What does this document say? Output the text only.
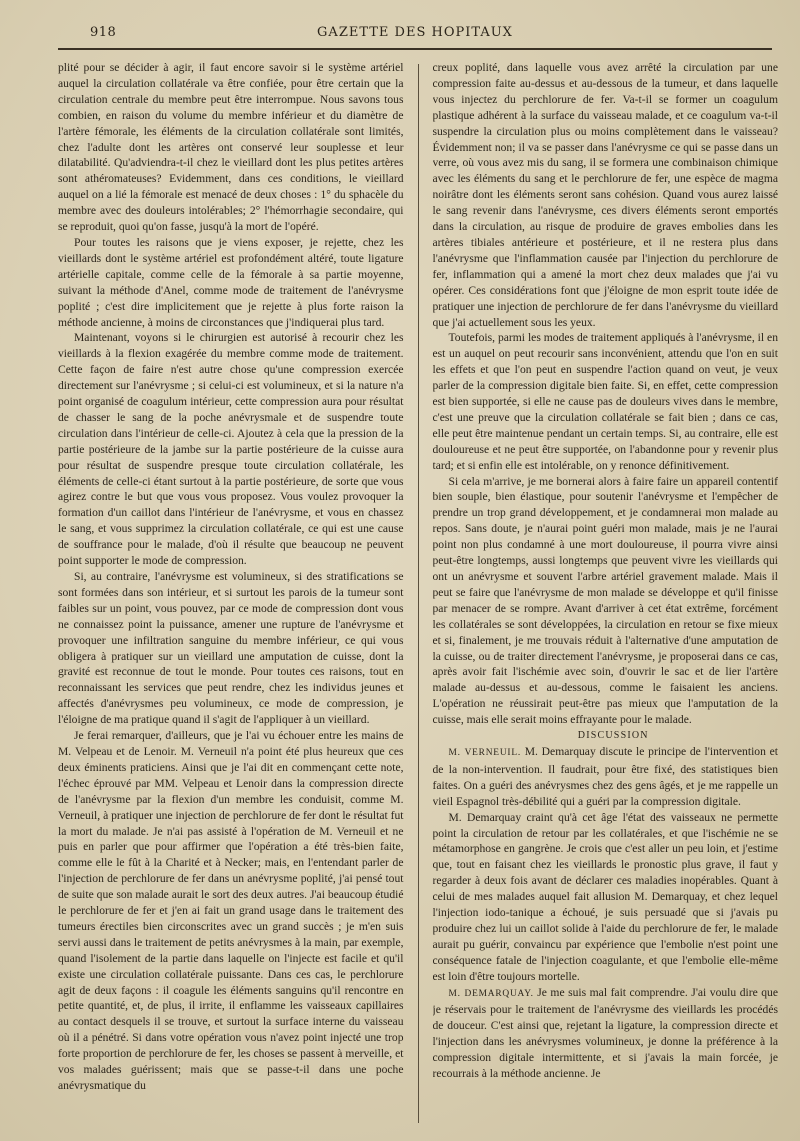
918	GAZETTE DES HOPITAUX

plité pour se décider à agir, il faut encore savoir si le système artériel auquel la circulation collatérale va être confiée, pour être certain que la circulation centrale du membre peut être interrompue. Nous savons tous combien, en raison du volume du membre inférieur et du diamètre de l'artère fémorale, les éléments de la circulation collatérale sont limités, chez l'adulte dont les artères ont conservé leur souplesse et leur dilatabilité. Qu'adviendra-t-il chez le vieillard dont les plus petites artères sont athéromateuses? Evidemment, dans ces conditions, le vieillard auquel on a lié la fémorale est menacé de deux choses : 1° du sphacèle du membre avec des douleurs intolérables; 2° l'hémorrhagie secondaire, qui se reproduit, quoi qu'on fasse, jusqu'à la mort de l'opéré.

Pour toutes les raisons que je viens exposer, je rejette, chez les vieillards dont le système artériel est profondément altéré, toute ligature artérielle capitale, comme celle de la fémorale à sa partie moyenne, suivant la méthode d'Anel, comme mode de traitement de l'anévrysme poplité ; c'est dire implicitement que je rejette à plus forte raison la méthode ancienne, à moins de circonstances que j'indiquerai plus tard.

Maintenant, voyons si le chirurgien est autorisé à recourir chez les vieillards à la flexion exagérée du membre comme mode de traitement. Cette façon de faire n'est autre chose qu'une compression exercée directement sur l'anévrysme ; si celui-ci est volumineux, et si la nature n'a point organisé de coagulum intérieur, cette compression aura pour résultat de chasser le sang de la poche anévrysmale et de suspendre toute circulation dans l'intérieur de celle-ci. Ajoutez à cela que la pression de la partie postérieure de la jambe sur la partie postérieure de la cuisse aura pour résultat de suspendre presque toute circulation collatérale, les éléments de celle-ci étant surtout à la partie postérieure, de sorte que vous agirez contre le but que vous vous proposez. Vous voulez provoquer la formation d'un caillot dans l'intérieur de l'anévrysme, et vous en chassez le sang, et vous supprimez la circulation collatérale, ce qui est une cause de souffrance pour le malade, d'où il résulte que beaucoup ne peuvent point supporter le mode de compression.

Si, au contraire, l'anévrysme est volumineux, si des stratifications se sont formées dans son intérieur, et si surtout les parois de la tumeur sont faibles sur un point, vous pouvez, par ce mode de compression dont vous ne connaissez point la puissance, amener une rupture de l'anévrysme et provoquer une infiltration sanguine du membre inférieur, ce qui vous obligera à pratiquer sur un vieillard une amputation de cuisse, dont la gravité est reconnue de tout le monde. Pour toutes ces raisons, tout en reconnaissant les services que peut rendre, chez les individus jeunes et affectés d'anévrysmes peu volumineux, ce mode de compression, je l'éloigne de ma pratique quand il s'agit de l'appliquer à un vieillard.

Je ferai remarquer, d'ailleurs, que je l'ai vu échouer entre les mains de M. Velpeau et de Lenoir. M. Verneuil n'a point été plus heureux que ces deux éminents praticiens. Ainsi que je l'ai dit en commençant cette note, l'échec éprouvé par MM. Velpeau et Lenoir dans la compression directe de l'anévrysme par la flexion d'un membre les conduisit, comme M. Verneuil, à pratiquer une injection de perchlorure de fer dont le résultat fut la mort du malade. Je n'ai pas assisté à l'opération de M. Verneuil et ne puis en parler que pour affirmer que l'opération a été très-bien faite, comme elle le fût à la Charité et à Necker; mais, en l'entendant parler de l'injection de perchlorure de fer dans un anévrysme poplité, j'ai pensé tout de suite que son malade aurait le sort des deux autres. J'ai beaucoup étudié le perchlorure de fer et j'en ai fait un grand usage dans le traitement des tumeurs érectiles bien circonscrites avec un grand succès ; je m'en suis servi aussi dans le traitement de petits anévrysmes à la main, par exemple, quand l'isolement de la partie dans laquelle on l'injecte est facile et qu'il existe une circulation collatérale puissante. Dans ces cas, le perchlorure agit de deux façons : il coagule les éléments sanguins qu'il rencontre en petite quantité, et, de plus, il irrite, il enflamme les vaisseaux capillaires au contact desquels il se trouve, et surtout la surface interne du vaisseau où il a pénétré. Si dans votre opération vous n'avez point injecté une trop forte proportion de perchlorure de fer, les choses se passent à merveille, et vos malades guérissent; mais que se passe-t-il dans une poche anévrysmatique du

creux poplité, dans laquelle vous avez arrêté la circulation par une compression faite au-dessus et au-dessous de la tumeur, et dans laquelle vous injectez du perchlorure de fer. Va-t-il se former un coagulum plastique adhérent à la surface du vaisseau malade, et ce coagulum va-t-il suspendre la circulation plus ou moins complètement dans le vaisseau? Évidemment non; il va se passer dans l'anévrysme ce qui se passe dans un verre, où vous avez mis du sang, il se formera une combinaison chimique avec les éléments du sang et le perchlorure de fer, une espèce de magma noirâtre dont les éléments seront sans cohésion. Quand vous aurez laissé le sang revenir dans l'anévrysme, ces divers éléments seront emportés dans la circulation, au risque de produire de graves embolies dans les artères tibiales antérieure et postérieure, et il ne restera plus dans l'anévrysme que l'inflammation causée par l'injection du perchlorure de fer, inflammation qui a amené la mort chez deux malades que j'ai vu opérer. Ces considérations font que j'éloigne de mon esprit toute idée de pratiquer une injection de perchlorure de fer dans l'anévrysme du vieillard que j'ai actuellement sous les yeux.

Toutefois, parmi les modes de traitement appliqués à l'anévrysme, il en est un auquel on peut recourir sans inconvénient, attendu que l'on en suit les effets et que l'on peut en suspendre l'action quand on veut, je veux parler de la compression digitale bien faite. Si, en effet, cette compression est bien supportée, si elle ne cause pas de douleurs vives dans le membre, c'est une preuve que la circulation collatérale se fait bien ; dans ce cas, elle peut être maintenue pendant un certain temps. Si, au contraire, elle est douloureuse et ne peut être supportée, on l'abandonne pour y revenir plus tard; et si enfin elle est intolérable, on y renonce définitivement.

Si cela m'arrive, je me bornerai alors à faire faire un appareil contentif bien souple, bien élastique, pour soutenir l'anévrysme et l'empêcher de prendre un trop grand développement, et je condamnerai mon malade au repos. Sans doute, je n'aurai point guéri mon malade, mais je ne l'aurai point non plus condamné à une mort douloureuse, il pourra vivre ainsi peut-être longtemps, aussi longtemps que peuvent vivre les vieillards qui ont un anévrysme et souvent l'arbre artériel gravement malade. Mais il peut se faire que l'anévrysme de mon malade se développe et qu'il finisse par menacer de se rompre. Avant d'arriver à cet état extrême, forcément les collatérales se sont développées, la circulation en retour se fixe mieux et si, finalement, je me trouvais réduit à l'alternative d'une amputation de la cuisse, ou de traiter directement l'anévrysme, je proposerai dans ce cas, après avoir fait l'ischémie avec soin, d'ouvrir le sac et de lier l'artère malade au-dessus et au-dessous, comme le faisaient les anciens. L'opération ne réussirait peut-être pas mieux que l'amputation de la cuisse, mais elle serait moins effrayante pour le malade.

DISCUSSION

M. VERNEUIL. M. Demarquay discute le principe de l'intervention et de la non-intervention. Il faudrait, pour être fixé, des statistiques bien faites. On a guéri des anévrysmes chez des gens âgés, et je me rappelle un vieil Espagnol très-débilité qui a guéri par la compression digitale.

M. Demarquay craint qu'à cet âge l'état des vaisseaux ne permette point la circulation de retour par les collatérales, et que l'ischémie ne se métamorphose en gangrène. Je crois que c'est aller un peu loin, et j'estime que, tout en faisant chez les vieillards le pronostic plus grave, il faut y regarder à deux fois avant de déclarer ces maladies inopérables. Quant à celui de mes malades auquel fait allusion M. Demarquay, et chez lequel l'injection iodo-tanique a échoué, je suis persuadé que si j'avais pu produire chez lui un caillot solide à l'aide du perchlorure de fer, le malade aurait pu guérir, convaincu par expérience que l'embolie n'est point une conséquence fatale de l'injection coagulante, et que l'embolie elle-même est loin d'être toujours mortelle.

M. DEMARQUAY. Je me suis mal fait comprendre. J'ai voulu dire que je réservais pour le traitement de l'anévrysme des vieillards les procédés de douceur. C'est ainsi que, rejetant la ligature, la compression directe et l'injection dans les anévrysmes volumineux, je donne la préférence à la compression digitale intermittente, et si j'avais la main forcée, je recourrais à la méthode ancienne. Je
